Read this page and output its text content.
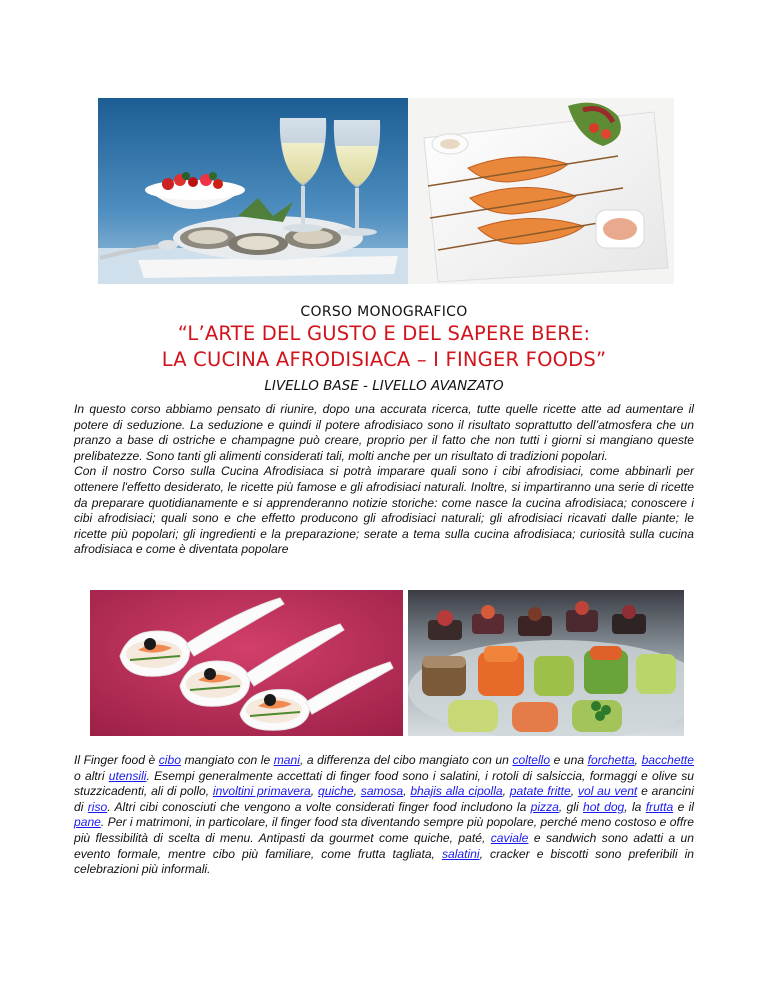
CORSO MONOGRAFICO
“L’ARTE DEL GUSTO E DEL SAPERE BERE:
LA CUCINA AFRODISIACA – I FINGER FOODS”
LIVELLO BASE - LIVELLO AVANZATO
In questo corso abbiamo pensato di riunire, dopo una accurata ricerca, tutte quelle ricette atte ad aumentare il potere di seduzione. La seduzione e quindi il potere afrodisiaco sono il risultato soprattutto dell’atmosfera che un pranzo a base di ostriche e champagne può creare, proprio per il fatto che non tutti i giorni si mangiano queste prelibatezze. Sono tanti gli alimenti considerati tali, molti anche per un risultato di tradizioni popolari.
Con il nostro Corso sulla Cucina Afrodisiaca si potrà imparare quali sono i cibi afrodisiaci, come abbinarli per ottenere l'effetto desiderato, le ricette più famose e gli afrodisiaci naturali. Inoltre, si impartiranno una serie di ricette da preparare quotidianamente e si apprenderanno notizie storiche: come nasce la cucina afrodisiaca; conoscere i cibi afrodisiaci; quali sono e che effetto producono gli afrodisiaci naturali; gli afrodisiaci ricavati dalle piante; le ricette più popolari; gli ingredienti e la preparazione; serate a tema sulla cucina afrodisiaca; curiosità sulla cucina afrodisiaca e come è diventata popolare
Il Finger food è cibo mangiato con le mani, a differenza del cibo mangiato con un coltello e una forchetta, bacchette o altri utensili. Esempi generalmente accettati di finger food sono i salatini, i rotoli di salsiccia, formaggi e olive su stuzzicadenti, ali di pollo, involtini primavera, quiche, samosa, bhajis alla cipolla, patate fritte, vol au vent e arancini di riso. Altri cibi conosciuti che vengono a volte considerati finger food includono la pizza, gli hot dog, la frutta e il pane. Per i matrimoni, in particolare, il finger food sta diventando sempre più popolare, perché meno costoso e offre più flessibilità di scelta di menu. Antipasti da gourmet come quiche, paté, caviale e sandwich sono adatti a un evento formale, mentre cibo più familiare, come frutta tagliata, salatini, cracker e biscotti sono preferibili in celebrazioni più informali.
